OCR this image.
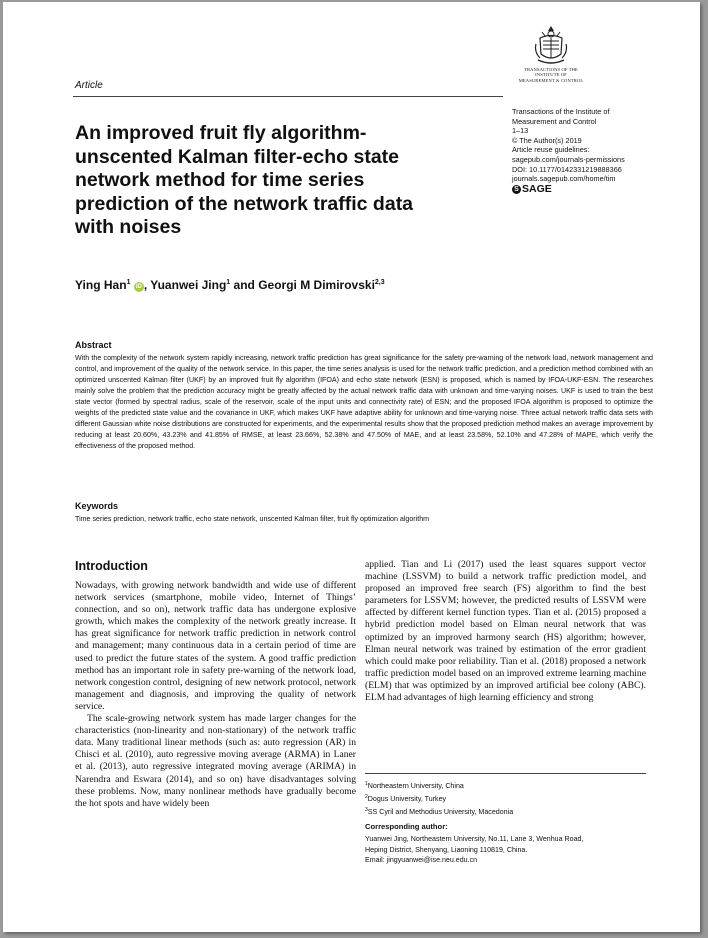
TRANSACTIONS OF THE
INSTITUTE OF
MEASUREMENT & CONTROL
Article
Transactions of the Institute of
Measurement and Control
1–13
© The Author(s) 2019
Article reuse guidelines:
sagepub.com/journals-permissions
DOI: 10.1177/0142331219888366
journals.sagepub.com/home/tim
S SAGE
An improved fruit fly algorithm-unscented Kalman filter-echo state network method for time series prediction of the network traffic data with noises
Ying Han$^1$ iD , Yuanwei Jing$^1$ and Georgi M Dimirovski$^{2,3}$
Abstract
With the complexity of the network system rapidly increasing, network traffic prediction has great significance for the safety pre-warning of the network load, network management and control, and improvement of the quality of the network service. In this paper, the time series analysis is used for the network traffic prediction, and a prediction method combined with an optimized unscented Kalman filter (UKF) by an improved fruit fly algorithm (IFOA) and echo state network (ESN) is proposed, which is named by IFOA-UKF-ESN. The researches mainly solve the problem that the prediction accuracy might be greatly affected by the actual network traffic data with unknown and time-varying noises. UKF is used to train the best state vector (formed by spectral radius, scale of the reservoir, scale of the input units and connectivity rate) of ESN; and the proposed IFOA algorithm is proposed to optimize the weights of the predicted state value and the covariance in UKF, which makes UKF have adaptive ability for unknown and time-varying noise. Three actual network traffic data sets with different Gaussian white noise distributions are constructed for experiments, and the experimental results show that the proposed prediction method makes an average improvement by reducing at least 20.60%, 43.23% and 41.85% of RMSE, at least 23.66%, 52.38% and 47.50% of MAE, and at least 23.58%, 52.10% and 47.28% of MAPE, which verify the effectiveness of the proposed method.
Keywords
Time series prediction, network traffic, echo state network, unscented Kalman filter, fruit fly optimization algorithm
Introduction

Nowadays, with growing network bandwidth and wide use of different network services (smartphone, mobile video, Internet of Things’ connection, and so on), network traffic data has undergone explosive growth, which makes the complexity of the network greatly increase. It has great significance for network traffic prediction in network control and management; many continuous data in a certain period of time are used to predict the future states of the system. A good traffic prediction method has an important role in safety pre-warning of the network load, network congestion control, designing of new network protocol, network management and diagnosis, and improving the quality of network service.

The scale-growing network system has made larger changes for the characteristics (non-linearity and non-stationary) of the network traffic data. Many traditional linear methods (such as: auto regression (AR) in Chisci et al. (2010), auto regressive moving average (ARMA) in Laner et al. (2013), auto regressive integrated moving average (ARIMA) in Narendra and Eswara (2014), and so on) have disadvantages solving these problems. Now, many nonlinear methods have gradually become the hot spots and have widely been

applied. Tian and Li (2017) used the least squares support vector machine (LSSVM) to build a network traffic prediction model, and proposed an improved free search (FS) algorithm to find the best parameters for LSSVM; however, the predicted results of LSSVM were affected by different kernel function types. Tian et al. (2015) proposed a hybrid prediction model based on Elman neural network that was optimized by an improved harmony search (HS) algorithm; however, Elman neural network was trained by estimation of the error gradient which could make poor reliability. Tian et al. (2018) proposed a network traffic prediction model based on an improved extreme learning machine (ELM) that was optimized by an improved artificial bee colony (ABC). ELM had advantages of high learning efficiency and strong

$^1$Northeastern University, China
$^2$Dogus University, Turkey
$^3$SS Cyril and Methodius University, Macedonia
Corresponding author:
Yuanwei Jing, Northeastern University, No.11, Lane 3, Wenhua Road,
Heping District, Shenyang, Liaoning 110819, China.
Email: jingyuanwei@ise.neu.edu.cn
